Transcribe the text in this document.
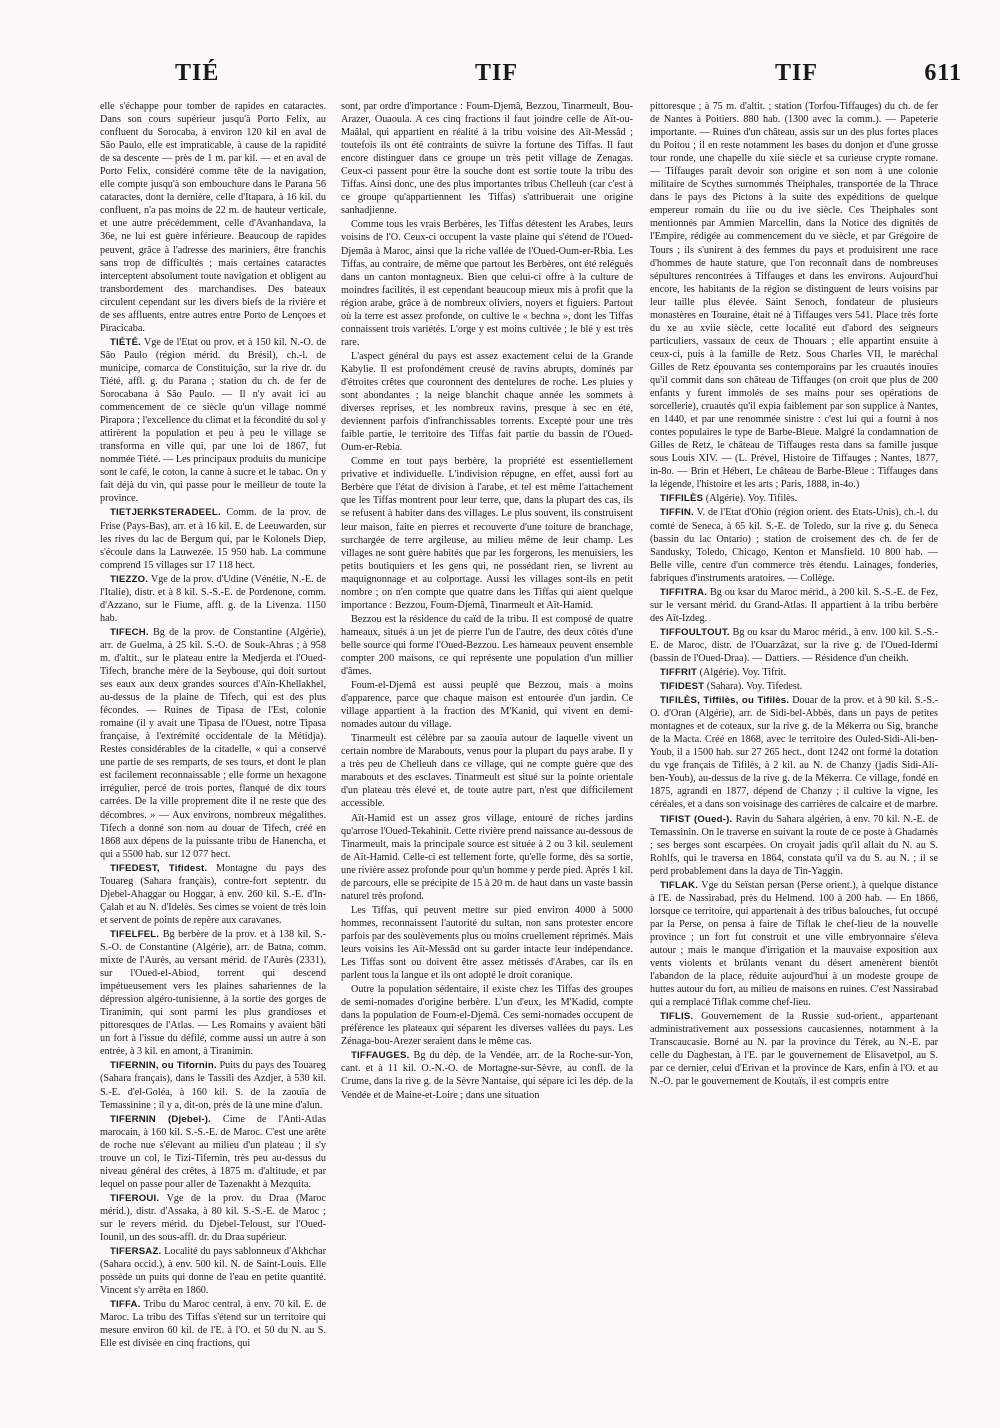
TIÉ	TIF	TIF	611

elle s'échappe pour tomber de rapides en cataractes. Dans son cours supérieur jusqu'à Porto Felix, au confluent du Sorocaba, à environ 120 kil en aval de São Paulo, elle est impraticable, à cause de la rapidité de sa descente — près de 1 m. par kil. — et en aval de Porto Felix, considéré comme tête de la navigation, elle compte jusqu'à son embouchure dans le Parana 56 cataractes, dont la dernière, celle d'Itapara, à 16 kil. du confluent, n'a pas moins de 22 m. de hauteur verticale, et une autre précédemment, celle d'Avanhandava, la 36e, ne lui est guère inférieure. Beaucoup de rapides peuvent, grâce à l'adresse des mariniers, être franchis sans trop de difficultés ; mais certaines cataractes interceptent absolument toute navigation et obligent au transbordement des marchandises. Des bateaux circulent cependant sur les divers biefs de la rivière et de ses affluents, entre autres entre Porto de Lençoes et Piracicaba.

TIÉTÉ. Vge de l'Etat ou prov. et à 150 kil. N.-O. de São Paulo (région mérid. du Brésil), ch.-l. de municipe, comarca de Constituição, sur la rive dr. du Tiété, affl. g. du Parana ; station du ch. de fer de Sorocabana à São Paulo. — Il n'y avait ici au commencement de ce siècle qu'un village nommé Pirapora ; l'excellence du climat et la fécondité du sol y attirèrent la population et peu à peu le village se transforma en ville qui, par une loi de 1867, fut nommée Tiété. — Les principaux produits du municipe sont le café, le coton, la canne à sucre et le tabac. On y fait déjà du vin, qui passe pour le meilleur de toute la province.

TIETJERKSTERADEEL. Comm. de la prov. de Frise (Pays-Bas), arr. et à 16 kil. E. de Leeuwarden, sur les rives du lac de Bergum qui, par le Kolonels Diep, s'écoule dans la Lauwezée. 15 950 hab. La commune comprend 15 villages sur 17 118 hect.

TIEZZO. Vge de la prov. d'Udine (Vénétie, N.-E. de l'Italie), distr. et à 8 kil. S.-S.-E. de Pordenone, comm. d'Azzano, sur le Fiume, affl. g. de la Livenza. 1150 hab.

TIFECH. Bg de la prov. de Constantine (Algérie), arr. de Guelma, à 25 kil. S.-O. de Souk-Ahras ; à 958 m. d'altit., sur le plateau entre la Medjerda et l'Oued-Tifech, branche mère de la Seybouse, qui doit surtout ses eaux aux deux grandes sources d'Aïn-Khellakhel, au-dessus de la plaine de Tifech, qui est des plus fécondes. — Ruines de Tipasa de l'Est, colonie romaine (il y avait une Tipasa de l'Ouest, notre Tipasa française, à l'extrémité occidentale de la Métidja). Restes considérables de la citadelle, « qui a conservé une partie de ses remparts, de ses tours, et dont le plan est facilement reconnaissable ; elle forme un hexagone irrégulier, percé de trois portes, flanqué de dix tours carrées. De la ville proprement dite il ne reste que des décombres. » — Aux environs, nombreux mégalithes. Tifech a donné son nom au douar de Tifech, créé en 1868 aux dépens de la puissante tribu de Hanencha, et qui a 5500 hab. sur 12 077 hect.

TIFEDEST, Tifidest. Montagne du pays des Touareg (Sahara français), contre-fort septentr. du Djebel-Ahaggar ou Hoggar, à env. 260 kil. S.-E. d'In-Çalah et au N. d'Idelès. Ses cimes se voient de très loin et servent de points de repère aux caravanes.

TIFELFEL. Bg berbère de la prov. et à 138 kil. S.-S.-O. de Constantine (Algérie), arr. de Batna, comm. mixte de l'Aurès, au versant mérid. de l'Aurès (2331), sur l'Oued-el-Abiod, torrent qui descend impétueusement vers les plaines sahariennes de la dépression algéro-tunisienne, à la sortie des gorges de Tiranimin, qui sont parmi les plus grandioses et pittoresques de l'Atlas. — Les Romains y avaient bâti un fort à l'issue du défilé, comme aussi un autre à son entrée, à 3 kil. en amont, à Tiranimin.

TIFERNIN, ou Tifornin. Puits du pays des Touareg (Sahara français), dans le Tassili des Azdjer, à 530 kil. S.-E. d'el-Goléa, à 160 kil. S. de la zaouïa de Temassinine ; il y a, dit-on, près de là une mine d'alun.

TIFERNIN (Djebel-). Cime de l'Anti-Atlas marocain, à 160 kil. S.-S.-E. de Maroc. C'est une arête de roche nue s'élevant au milieu d'un plateau ; il s'y trouve un col, le Tizi-Tifernin, très peu au-dessus du niveau général des crêtes, à 1875 m. d'altitude, et par lequel on passe pour aller de Tazenakht à Mezquita.

TIFEROUI. Vge de la prov. du Draa (Maroc mérid.), distr. d'Assaka, à 80 kil. S.-S.-E. de Maroc ; sur le revers mérid. du Djebel-Teloust, sur l'Oued-Iounil, un des sous-affl. dr. du Draa supérieur.

TIFERSAZ. Localité du pays sablonneux d'Akhchar (Sahara occid.), à env. 500 kil. N. de Saint-Louis. Elle possède un puits qui donne de l'eau en petite quantité. Vincent s'y arrêta en 1860.

TIFFA. Tribu du Maroc central, à env. 70 kil. E. de Maroc. La tribu des Tiffas s'étend sur un territoire qui mesure environ 60 kil. de l'E. à l'O. et 50 du N. au S. Elle est divisée en cinq fractions, qui

sont, par ordre d'importance : Foum-Djemâ, Bezzou, Tinarmeult, Bou-Arazer, Ouaoula. A ces cinq fractions il faut joindre celle de Aït-ou-Maâlal, qui appartient en réalité à la tribu voisine des Aït-Messâd ; toutefois ils ont été contraints de suivre la fortune des Tiffas. Il faut encore distinguer dans ce groupe un très petit village de Zenagas. Ceux-ci passent pour être la souche dont est sortie toute la tribu des Tiffas. Ainsi donc, une des plus importantes tribus Chelleuh (car c'est à ce groupe qu'appartiennent les Tiffas) s'attribuerait une origine sanhadjienne.

Comme tous les vrais Berbères, les Tiffas détestent les Arabes, leurs voisins de l'O. Ceux-ci occupent la vaste plaine qui s'étend de l'Oued-Djemâa à Maroc, ainsi que la riche vallée de l'Oued-Oum-er-Rbia. Les Tiffas, au contraire, de même que partout les Berbères, ont été relégués dans un canton montagneux. Bien que celui-ci offre à la culture de moindres facilités, il est cependant beaucoup mieux mis à profit que la région arabe, grâce à de nombreux oliviers, noyers et figuiers. Partout où la terre est assez profonde, on cultive le « bechna », dont les Tiffas connaissent trois variétés. L'orge y est moins cultivée ; le blé y est très rare.

L'aspect général du pays est assez exactement celui de la Grande Kabylie. Il est profondément creusé de ravins abrupts, dominés par d'étroites crêtes que couronnent des dentelures de roche. Les pluies y sont abondantes ; la neige blanchit chaque année les sommets à diverses reprises, et les nombreux ravins, presque à sec en été, deviennent parfois d'infranchissables torrents. Excepté pour une très faible partie, le territoire des Tiffas fait partie du bassin de l'Oued-Oum-er-Rebia.

Comme en tout pays berbère, la propriété est essentiellement privative et individuelle. L'indivision répugne, en effet, aussi fort au Berbère que l'état de division à l'arabe, et tel est même l'attachement que les Tiffas montrent pour leur terre, que, dans la plupart des cas, ils se refusent à habiter dans des villages. Le plus souvent, ils construisent leur maison, faite en pierres et recouverte d'une toiture de branchage, surchargée de terre argileuse, au milieu même de leur champ. Les villages ne sont guère habités que par les forgerons, les menuisiers, les petits boutiquiers et les gens qui, ne possédant rien, se livrent au maquignonnage et au colportage. Aussi les villages sont-ils en petit nombre ; on n'en compte que quatre dans les Tiffas qui aient quelque importance : Bezzou, Foum-Djemâ, Tinarmeult et Aït-Hamid.

Bezzou est la résidence du caïd de la tribu. Il est composé de quatre hameaux, situés à un jet de pierre l'un de l'autre, des deux côtés d'une belle source qui forme l'Oued-Bezzou. Les hameaux peuvent ensemble compter 200 maisons, ce qui représente une population d'un millier d'âmes.

Foum-el-Djemâ est aussi peuplé que Bezzou, mais a moins d'apparence, parce que chaque maison est entourée d'un jardin. Ce village appartient à la fraction des M'Kanid, qui vivent en demi-nomades autour du village.

Tinarmeult est célèbre par sa zaouïa autour de laquelle vivent un certain nombre de Marabouts, venus pour la plupart du pays arabe. Il y a très peu de Chelleuh dans ce village, qui ne compte guère que des marabouts et des esclaves. Tinarmeult est situé sur la pointe orientale d'un plateau très élevé et, de toute autre part, n'est que difficilement accessible.

Aït-Hamid est un assez gros village, entouré de riches jardins qu'arrose l'Oued-Tekahinit. Cette rivière prend naissance au-dessous de Tinarmeult, mais la principale source est située à 2 ou 3 kil. seulement de Aït-Hamid. Celle-ci est tellement forte, qu'elle forme, dès sa sortie, une rivière assez profonde pour qu'un homme y perde pied. Après 1 kil. de parcours, elle se précipite de 15 à 20 m. de haut dans un vaste bassin naturel très profond.

Les Tiffas, qui peuvent mettre sur pied environ 4000 à 5000 hommes, reconnaissent l'autorité du sultan, non sans protester encore parfois par des soulèvements plus ou moins cruellement réprimés. Mais leurs voisins les Aït-Messâd ont su garder intacte leur indépendance. Les Tiffas sont ou doivent être assez métissés d'Arabes, car ils en parlent tous la langue et ils ont adopté le droit coranique.

Outre la population sédentaire, il existe chez les Tiffas des groupes de semi-nomades d'origine berbère. L'un d'eux, les M'Kadid, compte dans la population de Foum-el-Djemâ. Ces semi-nomades occupent de préférence les plateaux qui séparent les diverses vallées du pays. Les Zénaga-bou-Arezer seraient dans le même cas.

TIFFAUGES. Bg du dép. de la Vendée, arr. de la Roche-sur-Yon, cant. et à 11 kil. O.-N.-O. de Mortagne-sur-Sèvre, au confl. de la Crume, dans la rive g. de la Sèvre Nantaise, qui sépare ici les dép. de la Vendée et de Maine-et-Loire ; dans une situation

pittoresque ; à 75 m. d'altit. ; station (Torfou-Tiffauges) du ch. de fer de Nantes à Poitiers. 880 hab. (1300 avec la comm.). — Papeterie importante. — Ruines d'un château, assis sur un des plus fortes places du Poitou ; il en reste notamment les bases du donjon et d'une grosse tour ronde, une chapelle du xiie siècle et sa curieuse crypte romane. — Tiffauges paraît devoir son origine et son nom à une colonie militaire de Scythes surnommés Theiphales, transportée de la Thrace dans le pays des Pictons à la suite des expéditions de quelque empereur romain du iiie ou du ive siècle. Ces Theiphales sont mentionnés par Ammien Marcellin, dans la Notice des dignités de l'Empire, rédigée au commencement du ve siècle, et par Grégoire de Tours ; ils s'unirent à des femmes du pays et produisirent une race d'hommes de haute stature, que l'on reconnaît dans de nombreuses sépultures rencontrées à Tiffauges et dans les environs. Aujourd'hui encore, les habitants de la région se distinguent de leurs voisins par leur taille plus élevée. Saint Senoch, fondateur de plusieurs monastères en Touraine, était né à Tiffauges vers 541. Place très forte du xe au xviie siècle, cette localité eut d'abord des seigneurs particuliers, vassaux de ceux de Thouars ; elle appartint ensuite à ceux-ci, puis à la famille de Retz. Sous Charles VII, le maréchal Gilles de Retz épouvanta ses contemporains par les cruautés inouïes qu'il commit dans son château de Tiffauges (on croit que plus de 200 enfants y furent immolés de ses mains pour ses opérations de sorcellerie), cruautés qu'il expia faiblement par son supplice à Nantes, en 1440, et par une renommée sinistre : c'est lui qui a fourni à nos contes populaires le type de Barbe-Bleue. Malgré la condamnation de Gilles de Retz, le château de Tiffauges resta dans sa famille jusque sous Louis XIV. — (L. Prével, Histoire de Tiffauges ; Nantes, 1877, in-8o. — Brin et Hébert, Le château de Barbe-Bleue : Tiffauges dans la légende, l'histoire et les arts ; Paris, 1888, in-4o.)

TIFFILÈS (Algérie). Voy. Tifilès.

TIFFIN. V. de l'Etat d'Ohio (région orient. des Etats-Unis), ch.-l. du comté de Seneca, à 65 kil. S.-E. de Toledo, sur la rive g. du Seneca (bassin du lac Ontario) ; station de croisement des ch. de fer de Sandusky, Toledo, Chicago, Kenton et Mansfield. 10 800 hab. — Belle ville, centre d'un commerce très étendu. Lainages, fonderies, fabriques d'instruments aratoires. — Collège.

TIFFITRA. Bg ou ksar du Maroc mérid., à 200 kil. S.-S.-E. de Fez, sur le versant mérid. du Grand-Atlas. Il appartient à la tribu berbère des Aït-Izdeg.

TIFFOULTOUT. Bg ou ksar du Maroc mérid., à env. 100 kil. S.-S.-E. de Maroc, distr. de l'Ouarzâzat, sur la rive g. de l'Oued-Idermi (bassin de l'Oued-Draa). — Dattiers. — Résidence d'un cheikh.

TIFFRIT (Algérie). Voy. Tifrit.

TIFIDEST (Sahara). Voy. Tifedest.

TIFILÈS, Tiffilès, ou Tifilès. Douar de la prov. et à 90 kil. S.-S.-O. d'Oran (Algérie), arr. de Sidi-bel-Abbès, dans un pays de petites montagnes et de coteaux, sur la rive g. de la Mékerra ou Sig, branche de la Macta. Créé en 1868, avec le territoire des Ouled-Sidi-Ali-ben-Youb, il a 1500 hab. sur 27 265 hect., dont 1242 ont formé la dotation du vge français de Tifilès, à 2 kil. au N. de Chanzy (jadis Sidi-Ali-ben-Youb), au-dessus de la rive g. de la Mékerra. Ce village, fondé en 1875, agrandi en 1877, dépend de Chanzy ; il cultive la vigne, les céréales, et a dans son voisinage des carrières de calcaire et de marbre.

TIFIST (Oued-). Ravin du Sahara algérien, à env. 70 kil. N.-E. de Temassinin. On le traverse en suivant la route de ce poste à Ghadamès ; ses berges sont escarpées. On croyait jadis qu'il allait du N. au S. Rohlfs, qui le traversa en 1864, constata qu'il va du S. au N. ; il se perd probablement dans la daya de Tin-Yaggin.

TIFLAK. Vge du Seïstan persan (Perse orient.), à quelque distance à l'E. de Nassirabad, près du Helmend. 100 à 200 hab. — En 1866, lorsque ce territoire, qui appartenait à des tribus balouches, fut occupé par la Perse, on pensa à faire de Tiflak le chef-lieu de la nouvelle province ; un fort fut construit et une ville embryonnaire s'éleva autour ; mais le manque d'irrigation et la mauvaise exposition aux vents violents et brûlants venant du désert amenèrent bientôt l'abandon de la place, réduite aujourd'hui à un modeste groupe de huttes autour du fort, au milieu de maisons en ruines. C'est Nassirabad qui a remplacé Tiflak comme chef-lieu.

TIFLIS. Gouvernement de la Russie sud-orient., appartenant administrativement aux possessions caucasiennes, notamment à la Transcaucasie. Borné au N. par la province du Térek, au N.-E. par celle du Daghestan, à l'E. par le gouvernement de Elisavetpol, au S. par ce dernier, celui d'Erivan et la province de Kars, enfin à l'O. et au N.-O. par le gouvernement de Koutaïs, il est compris entre
